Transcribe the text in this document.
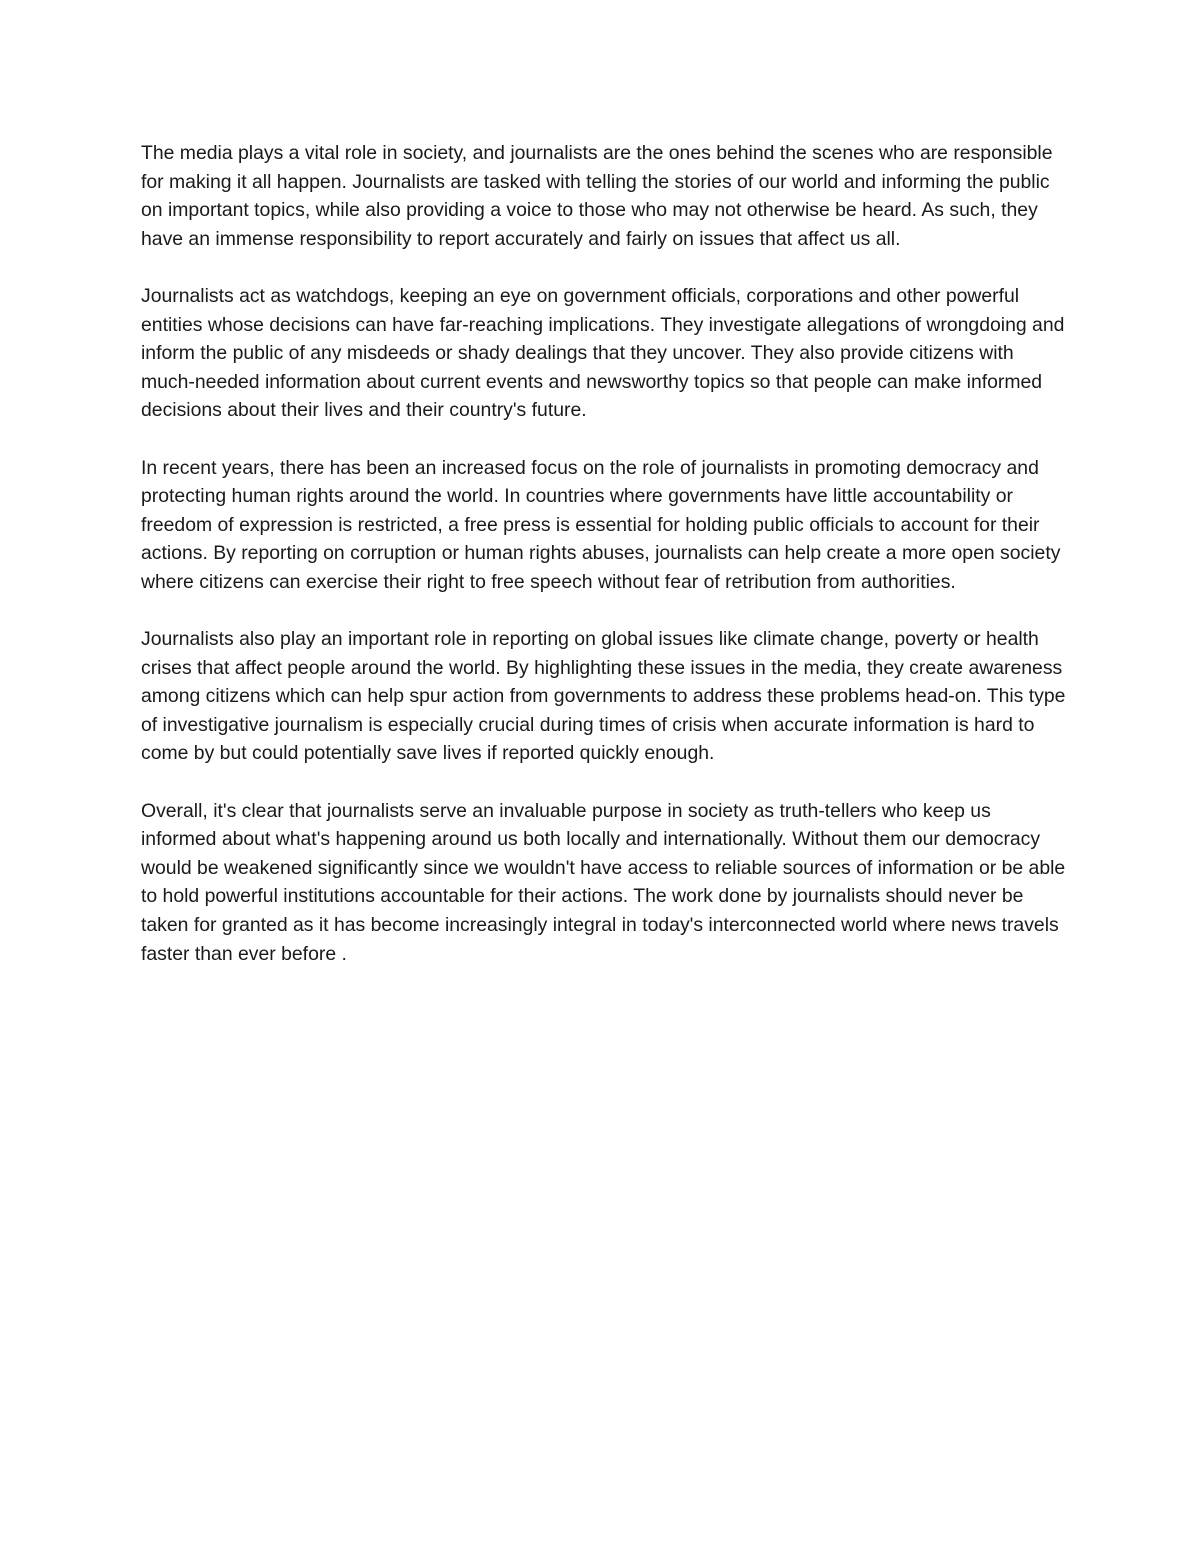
The media plays a vital role in society, and journalists are the ones behind the scenes who are responsible for making it all happen. Journalists are tasked with telling the stories of our world and informing the public on important topics, while also providing a voice to those who may not otherwise be heard. As such, they have an immense responsibility to report accurately and fairly on issues that affect us all.

Journalists act as watchdogs, keeping an eye on government officials, corporations and other powerful entities whose decisions can have far-reaching implications. They investigate allegations of wrongdoing and inform the public of any misdeeds or shady dealings that they uncover. They also provide citizens with much-needed information about current events and newsworthy topics so that people can make informed decisions about their lives and their country's future.

In recent years, there has been an increased focus on the role of journalists in promoting democracy and protecting human rights around the world. In countries where governments have little accountability or freedom of expression is restricted, a free press is essential for holding public officials to account for their actions. By reporting on corruption or human rights abuses, journalists can help create a more open society where citizens can exercise their right to free speech without fear of retribution from authorities.

Journalists also play an important role in reporting on global issues like climate change, poverty or health crises that affect people around the world. By highlighting these issues in the media, they create awareness among citizens which can help spur action from governments to address these problems head-on. This type of investigative journalism is especially crucial during times of crisis when accurate information is hard to come by but could potentially save lives if reported quickly enough.

Overall, it's clear that journalists serve an invaluable purpose in society as truth-tellers who keep us informed about what's happening around us both locally and internationally. Without them our democracy would be weakened significantly since we wouldn't have access to reliable sources of information or be able to hold powerful institutions accountable for their actions. The work done by journalists should never be taken for granted as it has become increasingly integral in today's interconnected world where news travels faster than ever before .
